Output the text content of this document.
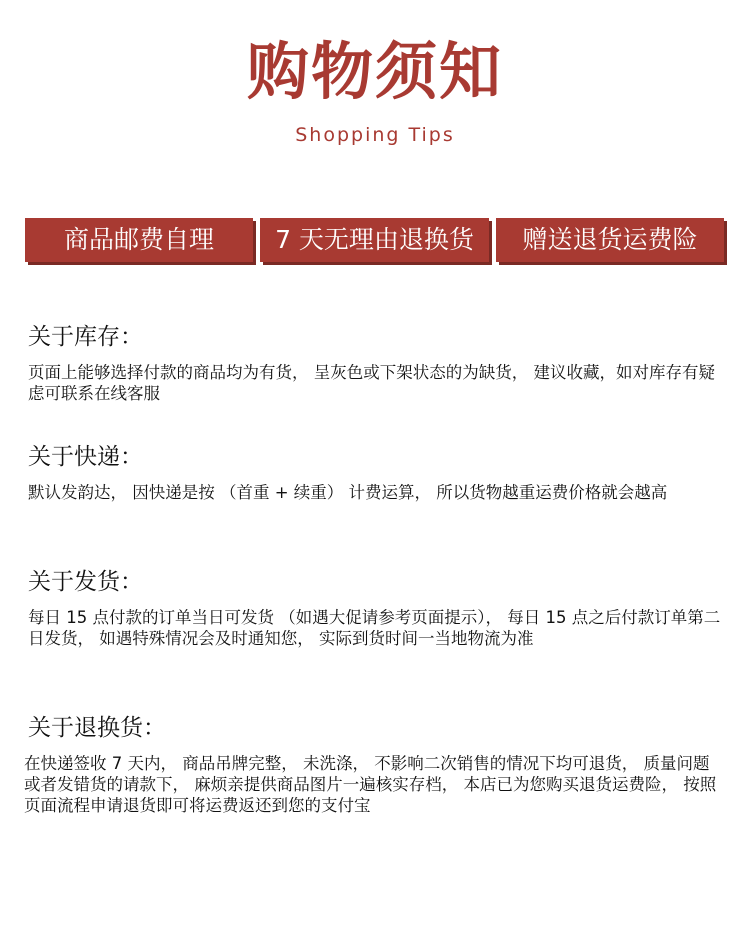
购物须知
Shopping Tips
商品邮费自理	7 天无理由退换货	赠送退货运费险
关于库存：

页面上能够选择付款的商品均为有货， 呈灰色或下架状态的为缺货， 建议收藏，如对库存有疑虑可联系在线客服

关于快递：

默认发韵达， 因快递是按 （首重 + 续重） 计费运算， 所以货物越重运费价格就会越高

关于发货：

每日 15 点付款的订单当日可发货 （如遇大促请参考页面提示）， 每日 15 点之后付款订单第二日发货， 如遇特殊情况会及时通知您， 实际到货时间一当地物流为准

关于退换货：

在快递签收 7 天内， 商品吊牌完整， 未洗涤， 不影响二次销售的情况下均可退货， 质量问题或者发错货的请款下， 麻烦亲提供商品图片一遍核实存档， 本店已为您购买退货运费险， 按照页面流程申请退货即可将运费返还到您的支付宝
